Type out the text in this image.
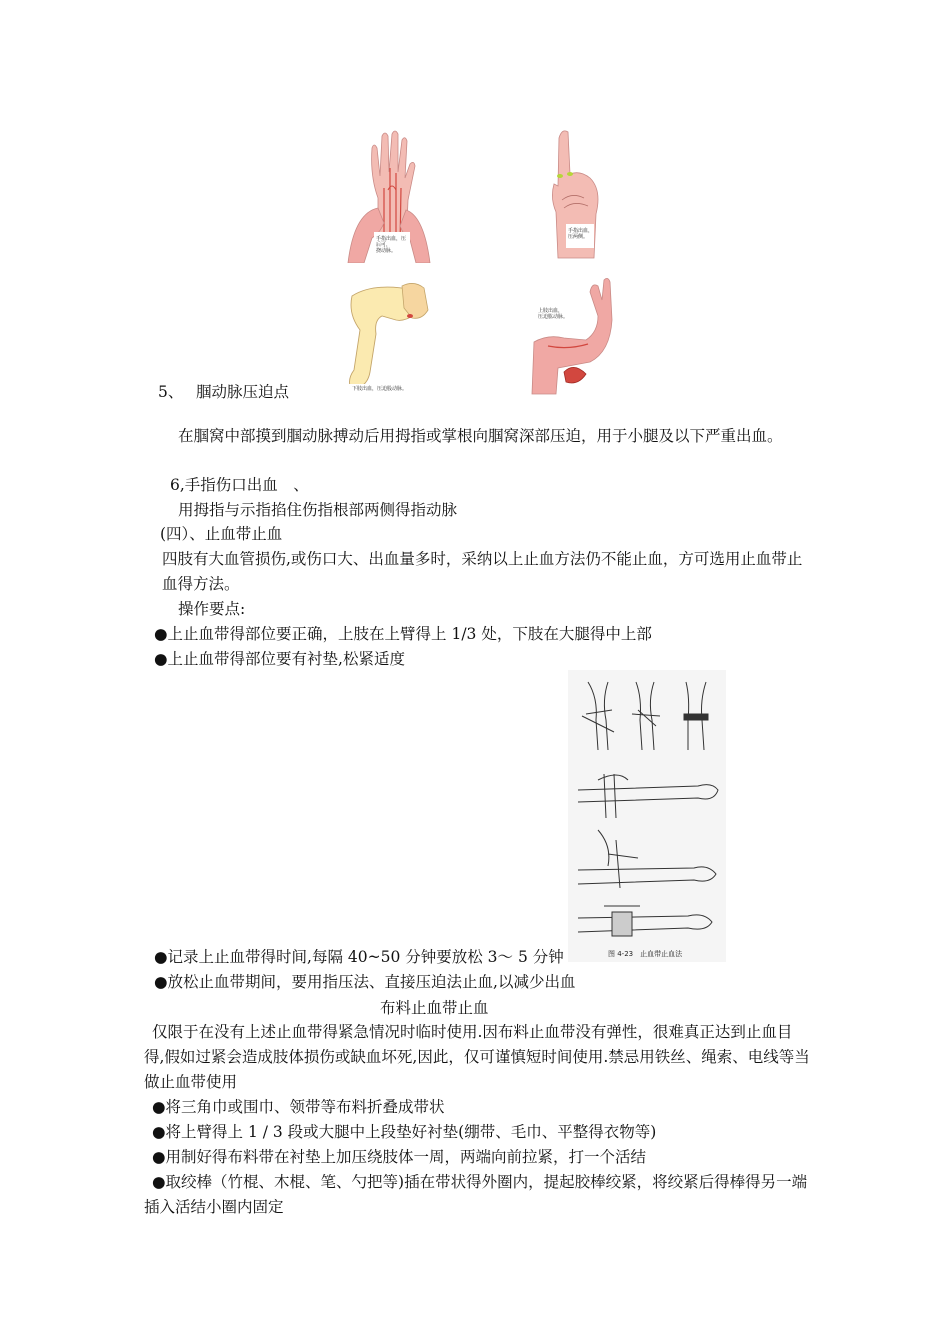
手指出血，压后可，
挠动脉。
手指出血，
压两侧。
下肢出血，压迫股动脉。
上肢出血，
压迫肱动脉。
图 4-23　止血带止血法
5、 腘动脉压迫点
在腘窝中部摸到腘动脉搏动后用拇指或掌根向腘窝深部压迫，用于小腿及以下严重出血。
6,手指伤口出血　、
用拇指与示指掐住伤指根部两侧得指动脉
(四）、止血带止血
四肢有大血管损伤,或伤口大、出血量多时，采纳以上止血方法仍不能止血，方可选用止血带止血得方法。
操作要点:
●上止血带得部位要正确，上肢在上臂得上 1/3 处，下肢在大腿得中上部
●上止血带得部位要有衬垫,松紧适度
●记录上止血带得时间,每隔 40~50 分钟要放松 3～ 5 分钟
●放松止血带期间，要用指压法、直接压迫法止血,以减少出血
布料止血带止血
仅限于在没有上述止血带得紧急情况时临时使用.因布料止血带没有弹性，很难真正达到止血目得,假如过紧会造成肢体损伤或缺血坏死,因此，仅可谨慎短时间使用.禁忌用铁丝、绳索、电线等当做止血带使用
●将三角巾或围巾、领带等布料折叠成带状
●将上臂得上 1 / 3 段或大腿中上段垫好衬垫(绷带、毛巾、平整得衣物等)
●用制好得布料带在衬垫上加压绕肢体一周，两端向前拉紧，打一个活结
●取绞棒（竹棍、木棍、笔、勺把等)插在带状得外圈内，提起胶棒绞紧，将绞紧后得棒得另一端插入活结小圈内固定
